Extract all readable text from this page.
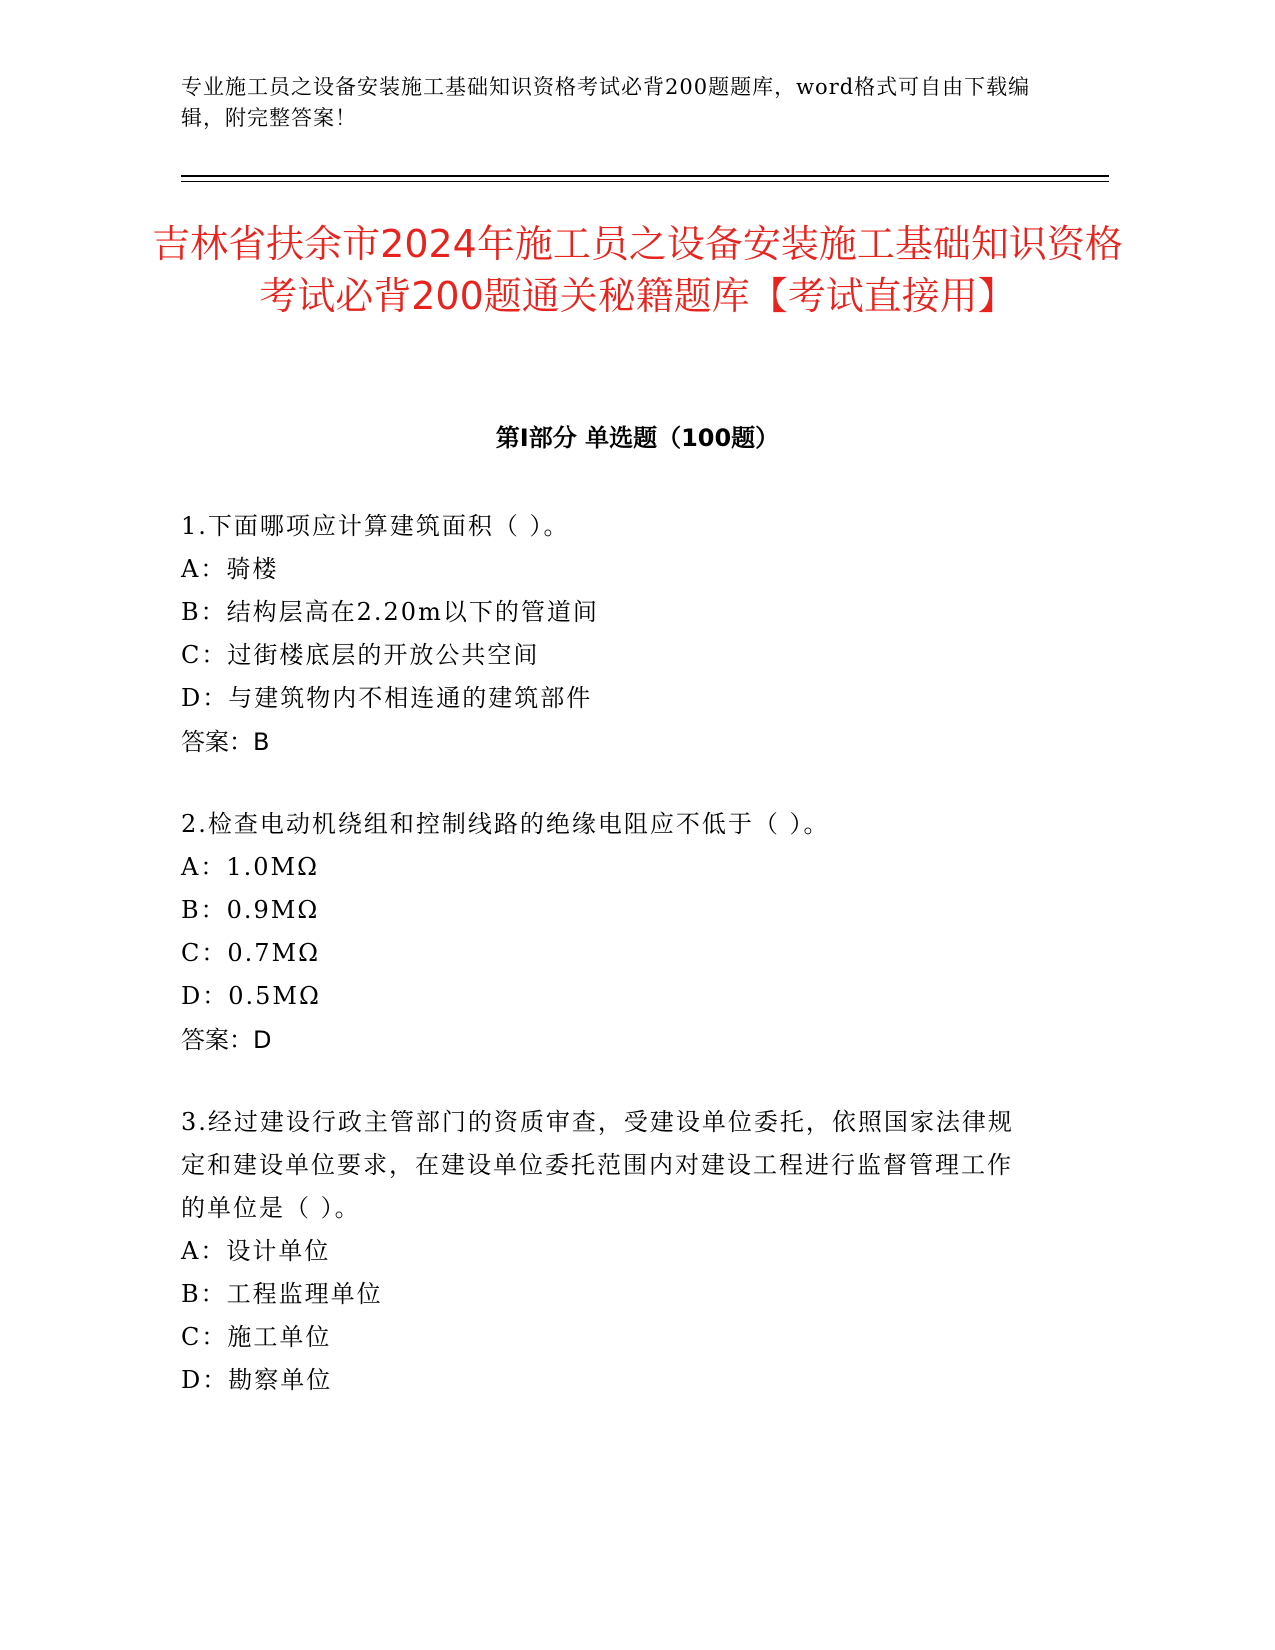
专业施工员之设备安装施工基础知识资格考试必背200题题库，word格式可自由下载编辑，附完整答案！
吉林省扶余市2024年施工员之设备安装施工基础知识资格考试必背200题通关秘籍题库【考试直接用】
第Ⅰ部分 单选题（100题）
1.下面哪项应计算建筑面积（ ）。
A：骑楼
B：结构层高在2.20m以下的管道间
C：过街楼底层的开放公共空间
D：与建筑物内不相连通的建筑部件
答案：B
2.检查电动机绕组和控制线路的绝缘电阻应不低于（ ）。
A：1.0MΩ
B：0.9MΩ
C：0.7MΩ
D：0.5MΩ
答案：D
3.经过建设行政主管部门的资质审查，受建设单位委托，依照国家法律规定和建设单位要求，在建设单位委托范围内对建设工程进行监督管理工作的单位是（ ）。
A：设计单位
B：工程监理单位
C：施工单位
D：勘察单位
